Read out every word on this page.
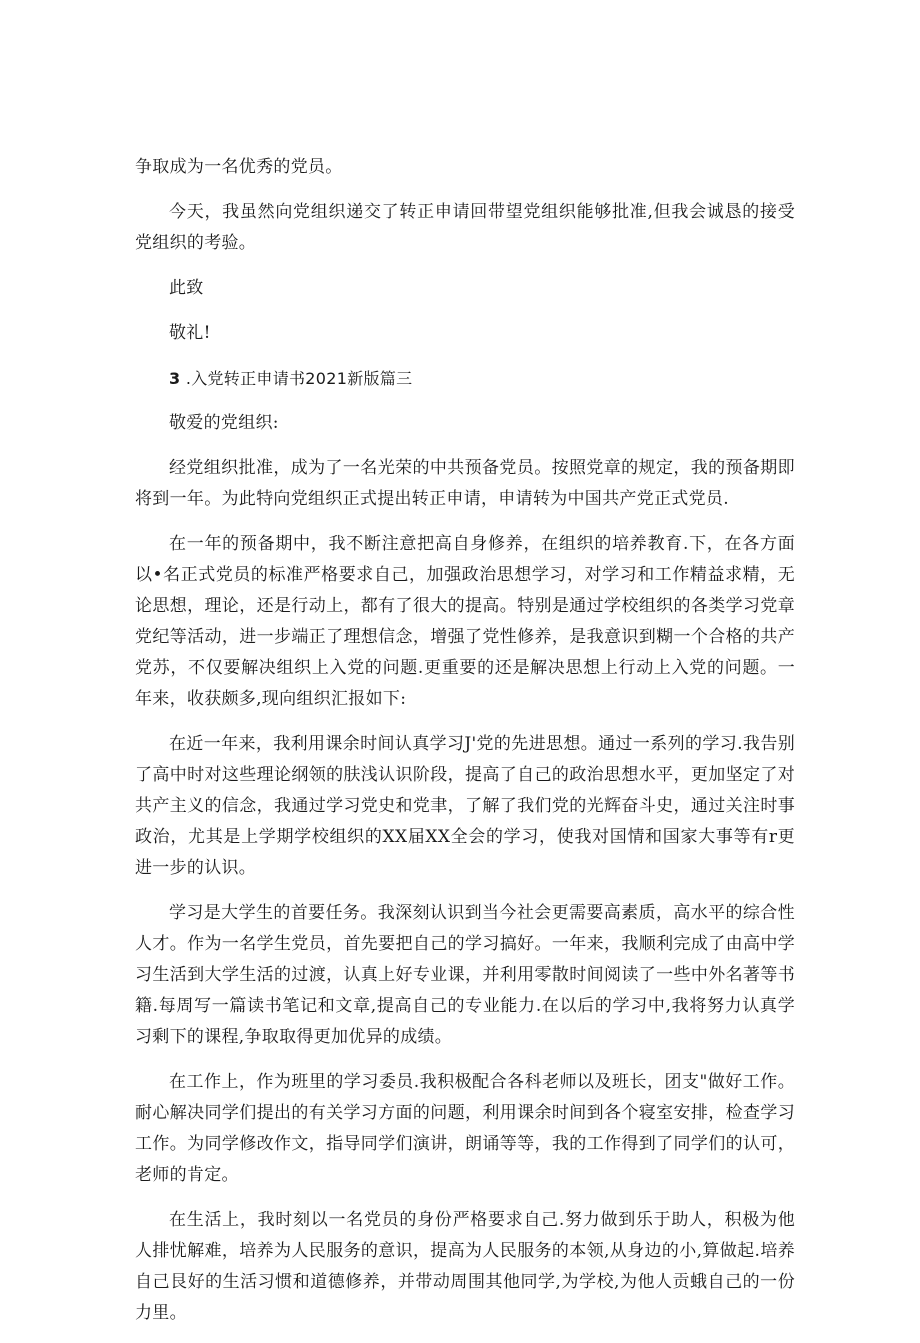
争取成为一名优秀的党员。

今天，我虽然向党组织递交了转正申请回带望党组织能够批准,但我会诚恳的接受党组织的考验。

此致

敬礼!

3 .入党转正申请书2021新版篇三

敬爱的党组织:

经党组织批准，成为了一名光荣的中共预备党员。按照党章的规定，我的预备期即将到一年。为此特向党组织正式提出转正申请，申请转为中国共产党正式党员.

在一年的预备期中，我不断注意把高自身修养，在组织的培养教育.下，在各方面以•名正式党员的标准严格要求自己，加强政治思想学习，对学习和工作精益求精，无论思想，理论，还是行动上，都有了很大的提高。特别是通过学校组织的各类学习党章党纪等活动，进一步端正了理想信念，增强了党性修养，是我意识到糊一个合格的共产党苏，不仅要解决组织上入党的问题.更重要的还是解决思想上行动上入党的问题。一年来，收获颇多,现向组织汇报如下:

在近一年来，我利用课余时间认真学习J'党的先进思想。通过一系列的学习.我告别了高中时对这些理论纲领的肤浅认识阶段，提高了自己的政治思想水平，更加坚定了对共产主义的信念，我通过学习党史和党聿，了解了我们党的光辉奋斗史，通过关注时事政治，尤其是上学期学校组织的XX届XX全会的学习，使我对国情和国家大事等有r更进一步的认识。

学习是大学生的首要任务。我深刻认识到当今社会更需要高素质，高水平的综合性人才。作为一名学生党员，首先要把自己的学习搞好。一年来，我顺利完成了由高中学习生活到大学生活的过渡，认真上好专业课，并利用零散时间阅读了一些中外名著等书籍.每周写一篇读书笔记和文章,提高自己的专业能力.在以后的学习中,我将努力认真学习剩下的课程,争取取得更加优异的成绩。

在工作上，作为班里的学习委员.我积极配合各科老师以及班长，团支"做好工作。耐心解决同学们提出的有关学习方面的问题，利用课余时间到各个寝室安排，检查学习工作。为同学修改作文，指导同学们演讲，朗诵等等，我的工作得到了同学们的认可，老师的肯定。

在生活上，我时刻以一名党员的身份严格要求自己.努力做到乐于助人，积极为他人排忧解难，培养为人民服务的意识，提高为人民服务的本领,从身边的小,算做起.培养自己艮好的生活习惯和道德修养，并带动周围其他同学,为学校,为他人贡蛾自己的一份力里。
